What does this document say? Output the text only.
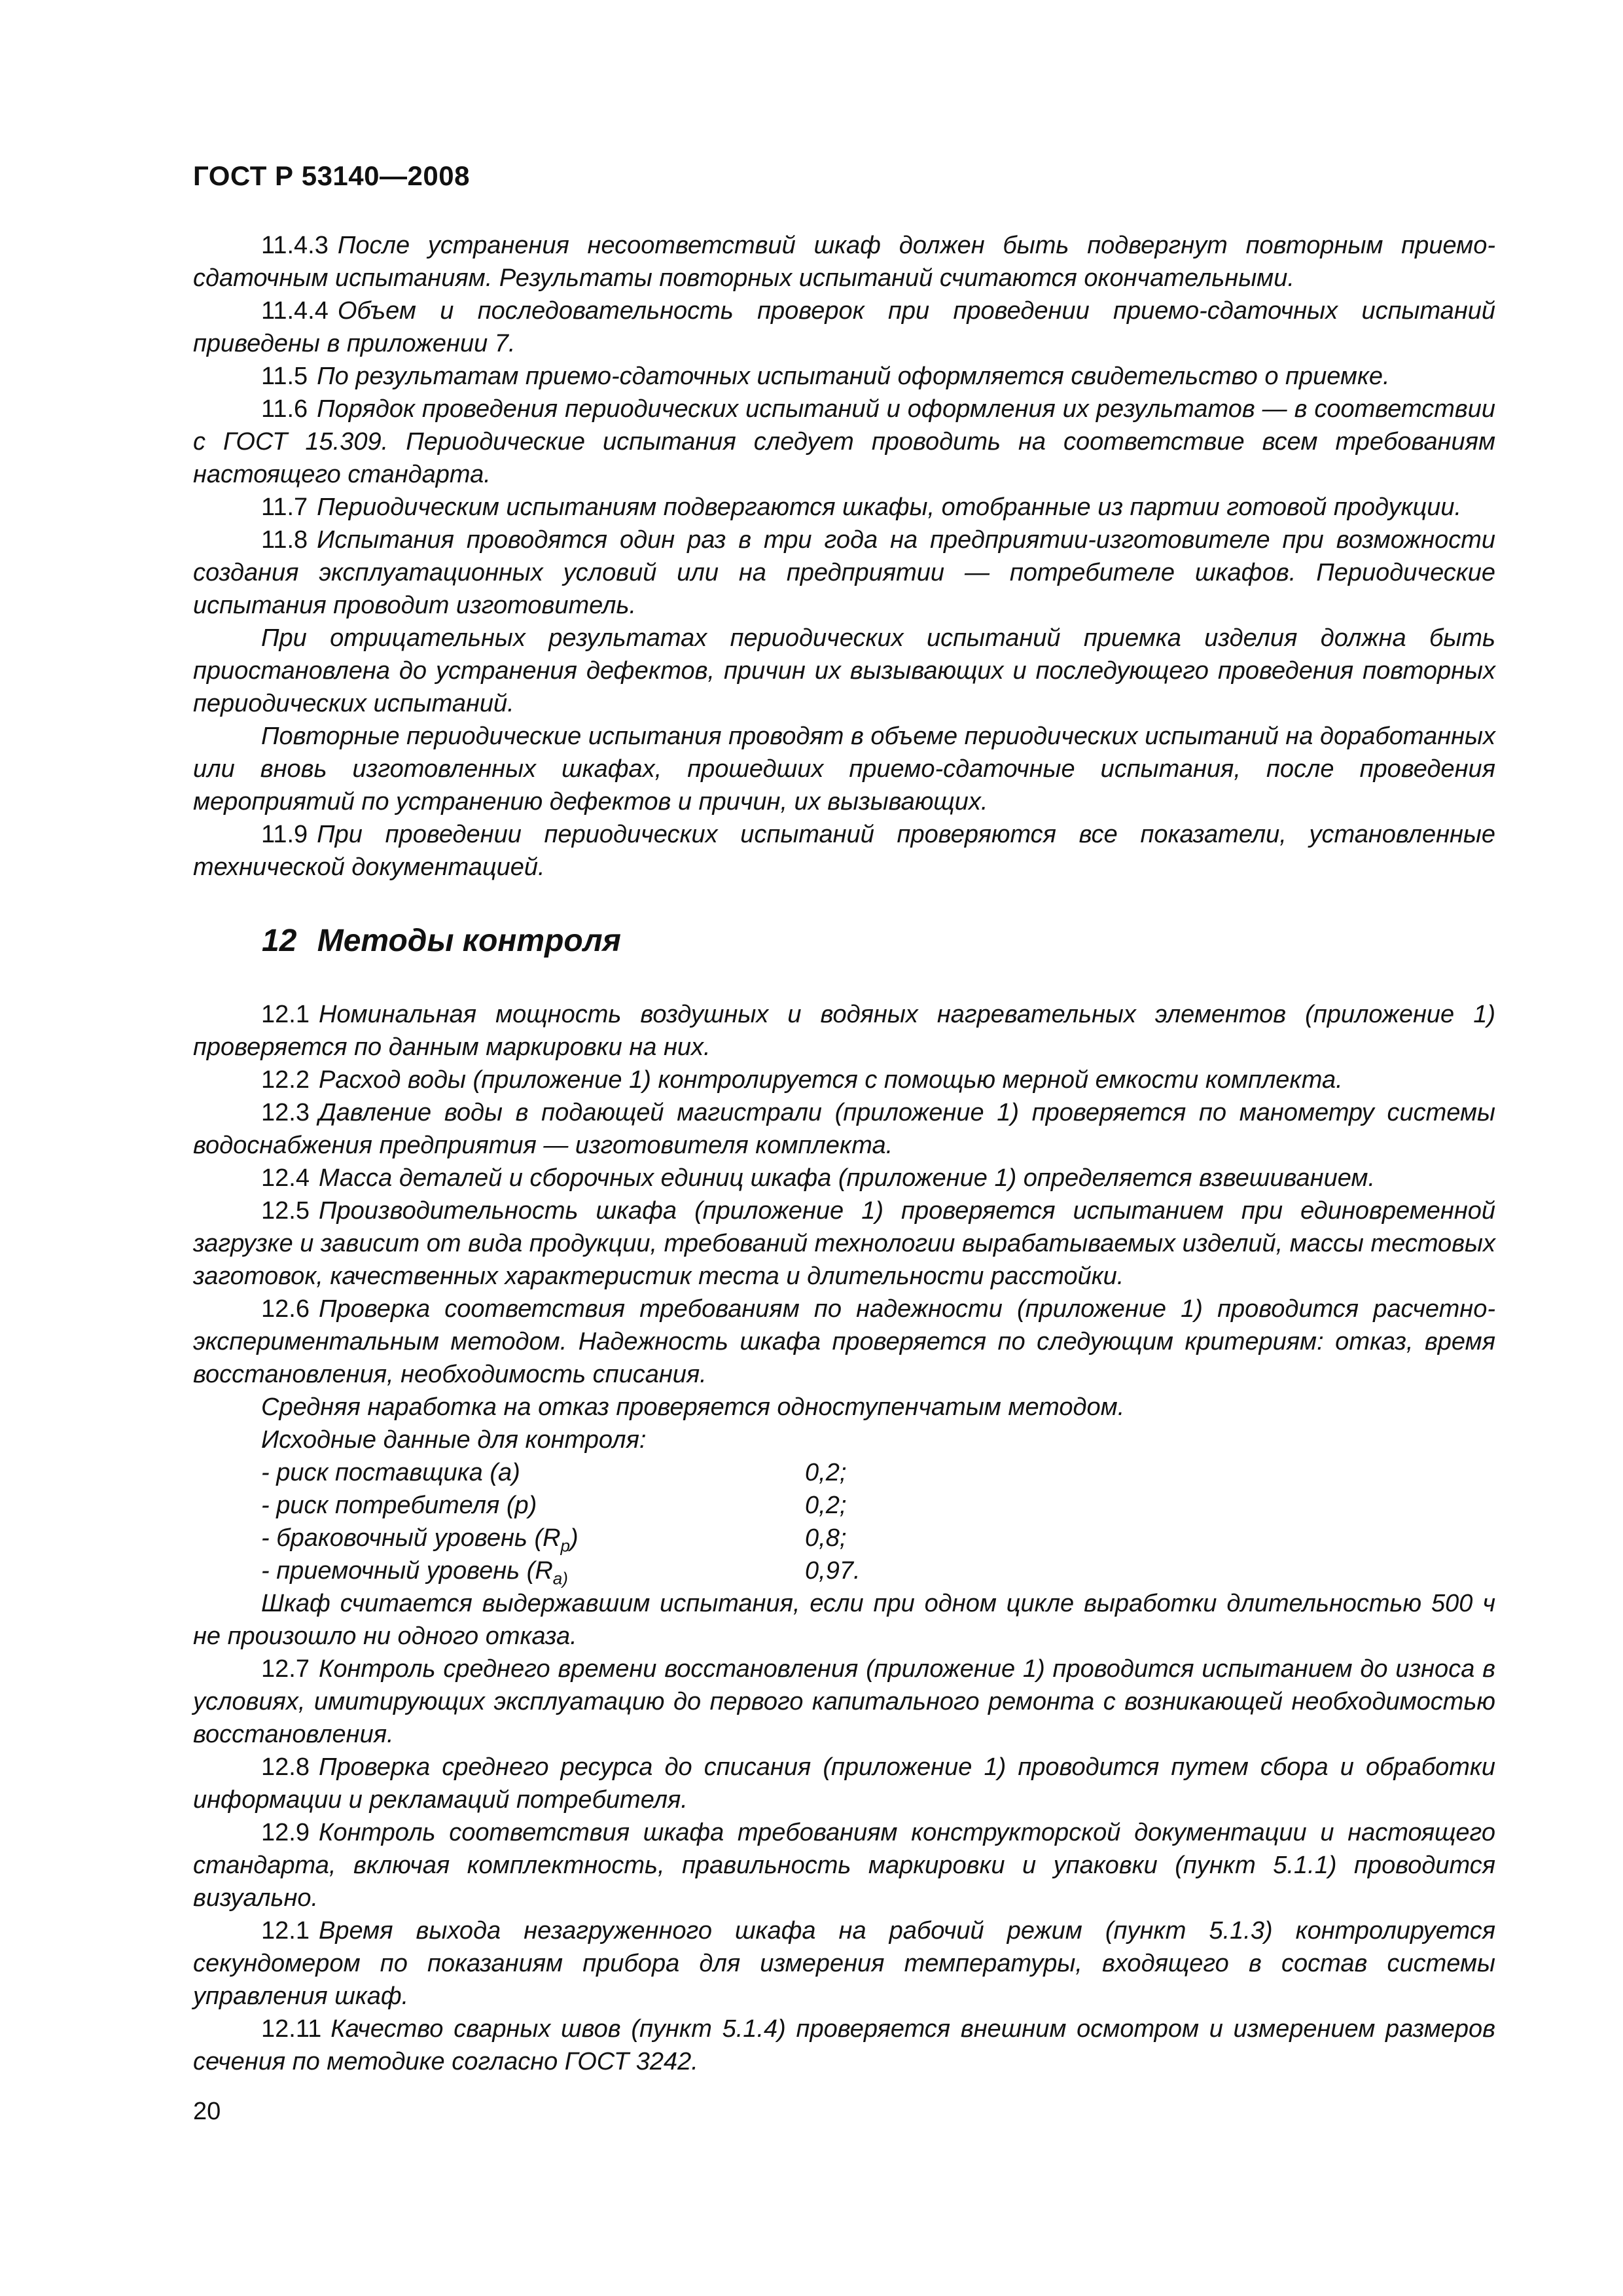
ГОСТ Р 53140—2008

11.4.3 После устранения несоответствий шкаф должен быть подвергнут повторным приемо-сдаточным испытаниям. Результаты повторных испытаний считаются окончательными.

11.4.4 Объем и последовательность проверок при проведении приемо-сдаточных испытаний приведены в приложении 7.

11.5 По результатам приемо-сдаточных испытаний оформляется свидетельство о приемке.

11.6 Порядок проведения периодических испытаний и оформления их результатов — в соответствии с ГОСТ 15.309. Периодические испытания следует проводить на соответствие всем требованиям настоящего стандарта.

11.7 Периодическим испытаниям подвергаются шкафы, отобранные из партии готовой продукции.

11.8 Испытания проводятся один раз в три года на предприятии-изготовителе при возможности создания эксплуатационных условий или на предприятии — потребителе шкафов. Периодические испытания проводит изготовитель.

При отрицательных результатах периодических испытаний приемка изделия должна быть приостановлена до устранения дефектов, причин их вызывающих и последующего проведения повторных периодических испытаний.

Повторные периодические испытания проводят в объеме периодических испытаний на доработанных или вновь изготовленных шкафах, прошедших приемо-сдаточные испытания, после проведения мероприятий по устранению дефектов и причин, их вызывающих.

11.9 При проведении периодических испытаний проверяются все показатели, установленные технической документацией.

12 Методы контроля

12.1 Номинальная мощность воздушных и водяных нагревательных элементов (приложение 1) проверяется по данным маркировки на них.

12.2 Расход воды (приложение 1) контролируется с помощью мерной емкости комплекта.

12.3 Давление воды в подающей магистрали (приложение 1) проверяется по манометру системы водоснабжения предприятия — изготовителя комплекта.

12.4 Масса деталей и сборочных единиц шкафа (приложение 1) определяется взвешиванием.

12.5 Производительность шкафа (приложение 1) проверяется испытанием при единовременной загрузке и зависит от вида продукции, требований технологии вырабатываемых изделий, массы тестовых заготовок, качественных характеристик теста и длительности расстойки.

12.6 Проверка соответствия требованиям по надежности (приложение 1) проводится расчетно-экспериментальным методом. Надежность шкафа проверяется по следующим критериям: отказ, время восстановления, необходимость списания.

Средняя наработка на отказ проверяется одноступенчатым методом.

Исходные данные для контроля:

- риск поставщика (а)	0,2;
- риск потребителя (р)	0,2;
- браковочный уровень $(R_р)$	0,8;
- приемочный уровень ($R_{а)}$	0,97.

Шкаф считается выдержавшим испытания, если при одном цикле выработки длительностью 500 ч не произошло ни одного отказа.

12.7 Контроль среднего времени восстановления (приложение 1) проводится испытанием до износа в условиях, имитирующих эксплуатацию до первого капитального ремонта с возникающей необходимостью восстановления.

12.8 Проверка среднего ресурса до списания (приложение 1) проводится путем сбора и обработки информации и рекламаций потребителя.

12.9 Контроль соответствия шкафа требованиям конструкторской документации и настоящего стандарта, включая комплектность, правильность маркировки и упаковки (пункт 5.1.1) проводится визуально.

12.1 Время выхода незагруженного шкафа на рабочий режим (пункт 5.1.3) контролируется секундомером по показаниям прибора для измерения температуры, входящего в состав системы управления шкаф.

12.11 Качество сварных швов (пункт 5.1.4) проверяется внешним осмотром и измерением размеров сечения по методике согласно ГОСТ 3242.

20
